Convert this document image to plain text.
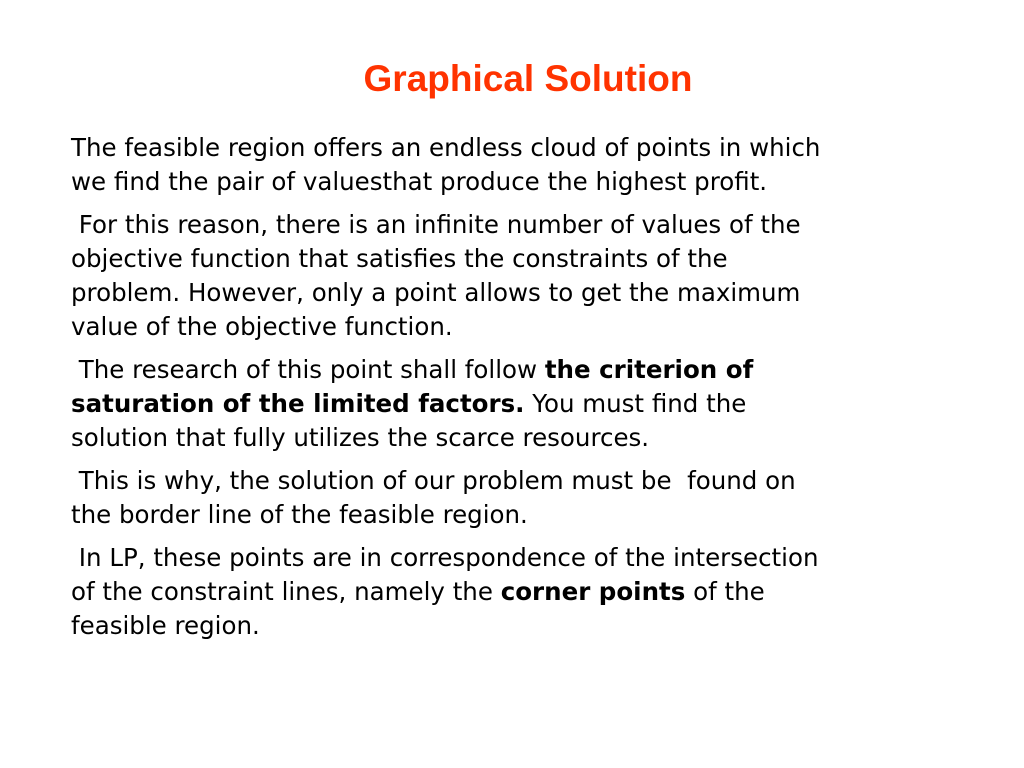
Graphical Solution
The feasible region offers an endless cloud of points in which
we find the pair of valuesthat produce the highest profit.
For this reason, there is an infinite number of values of the
objective function that satisfies the constraints of the
problem. However, only a point allows to get the maximum
value of the objective function.
The research of this point shall follow the criterion of
saturation of the limited factors. You must find the
solution that fully utilizes the scarce resources.
This is why, the solution of our problem must be  found on
the border line of the feasible region.
In LP, these points are in correspondence of the intersection
of the constraint lines, namely the corner points of the
feasible region.
